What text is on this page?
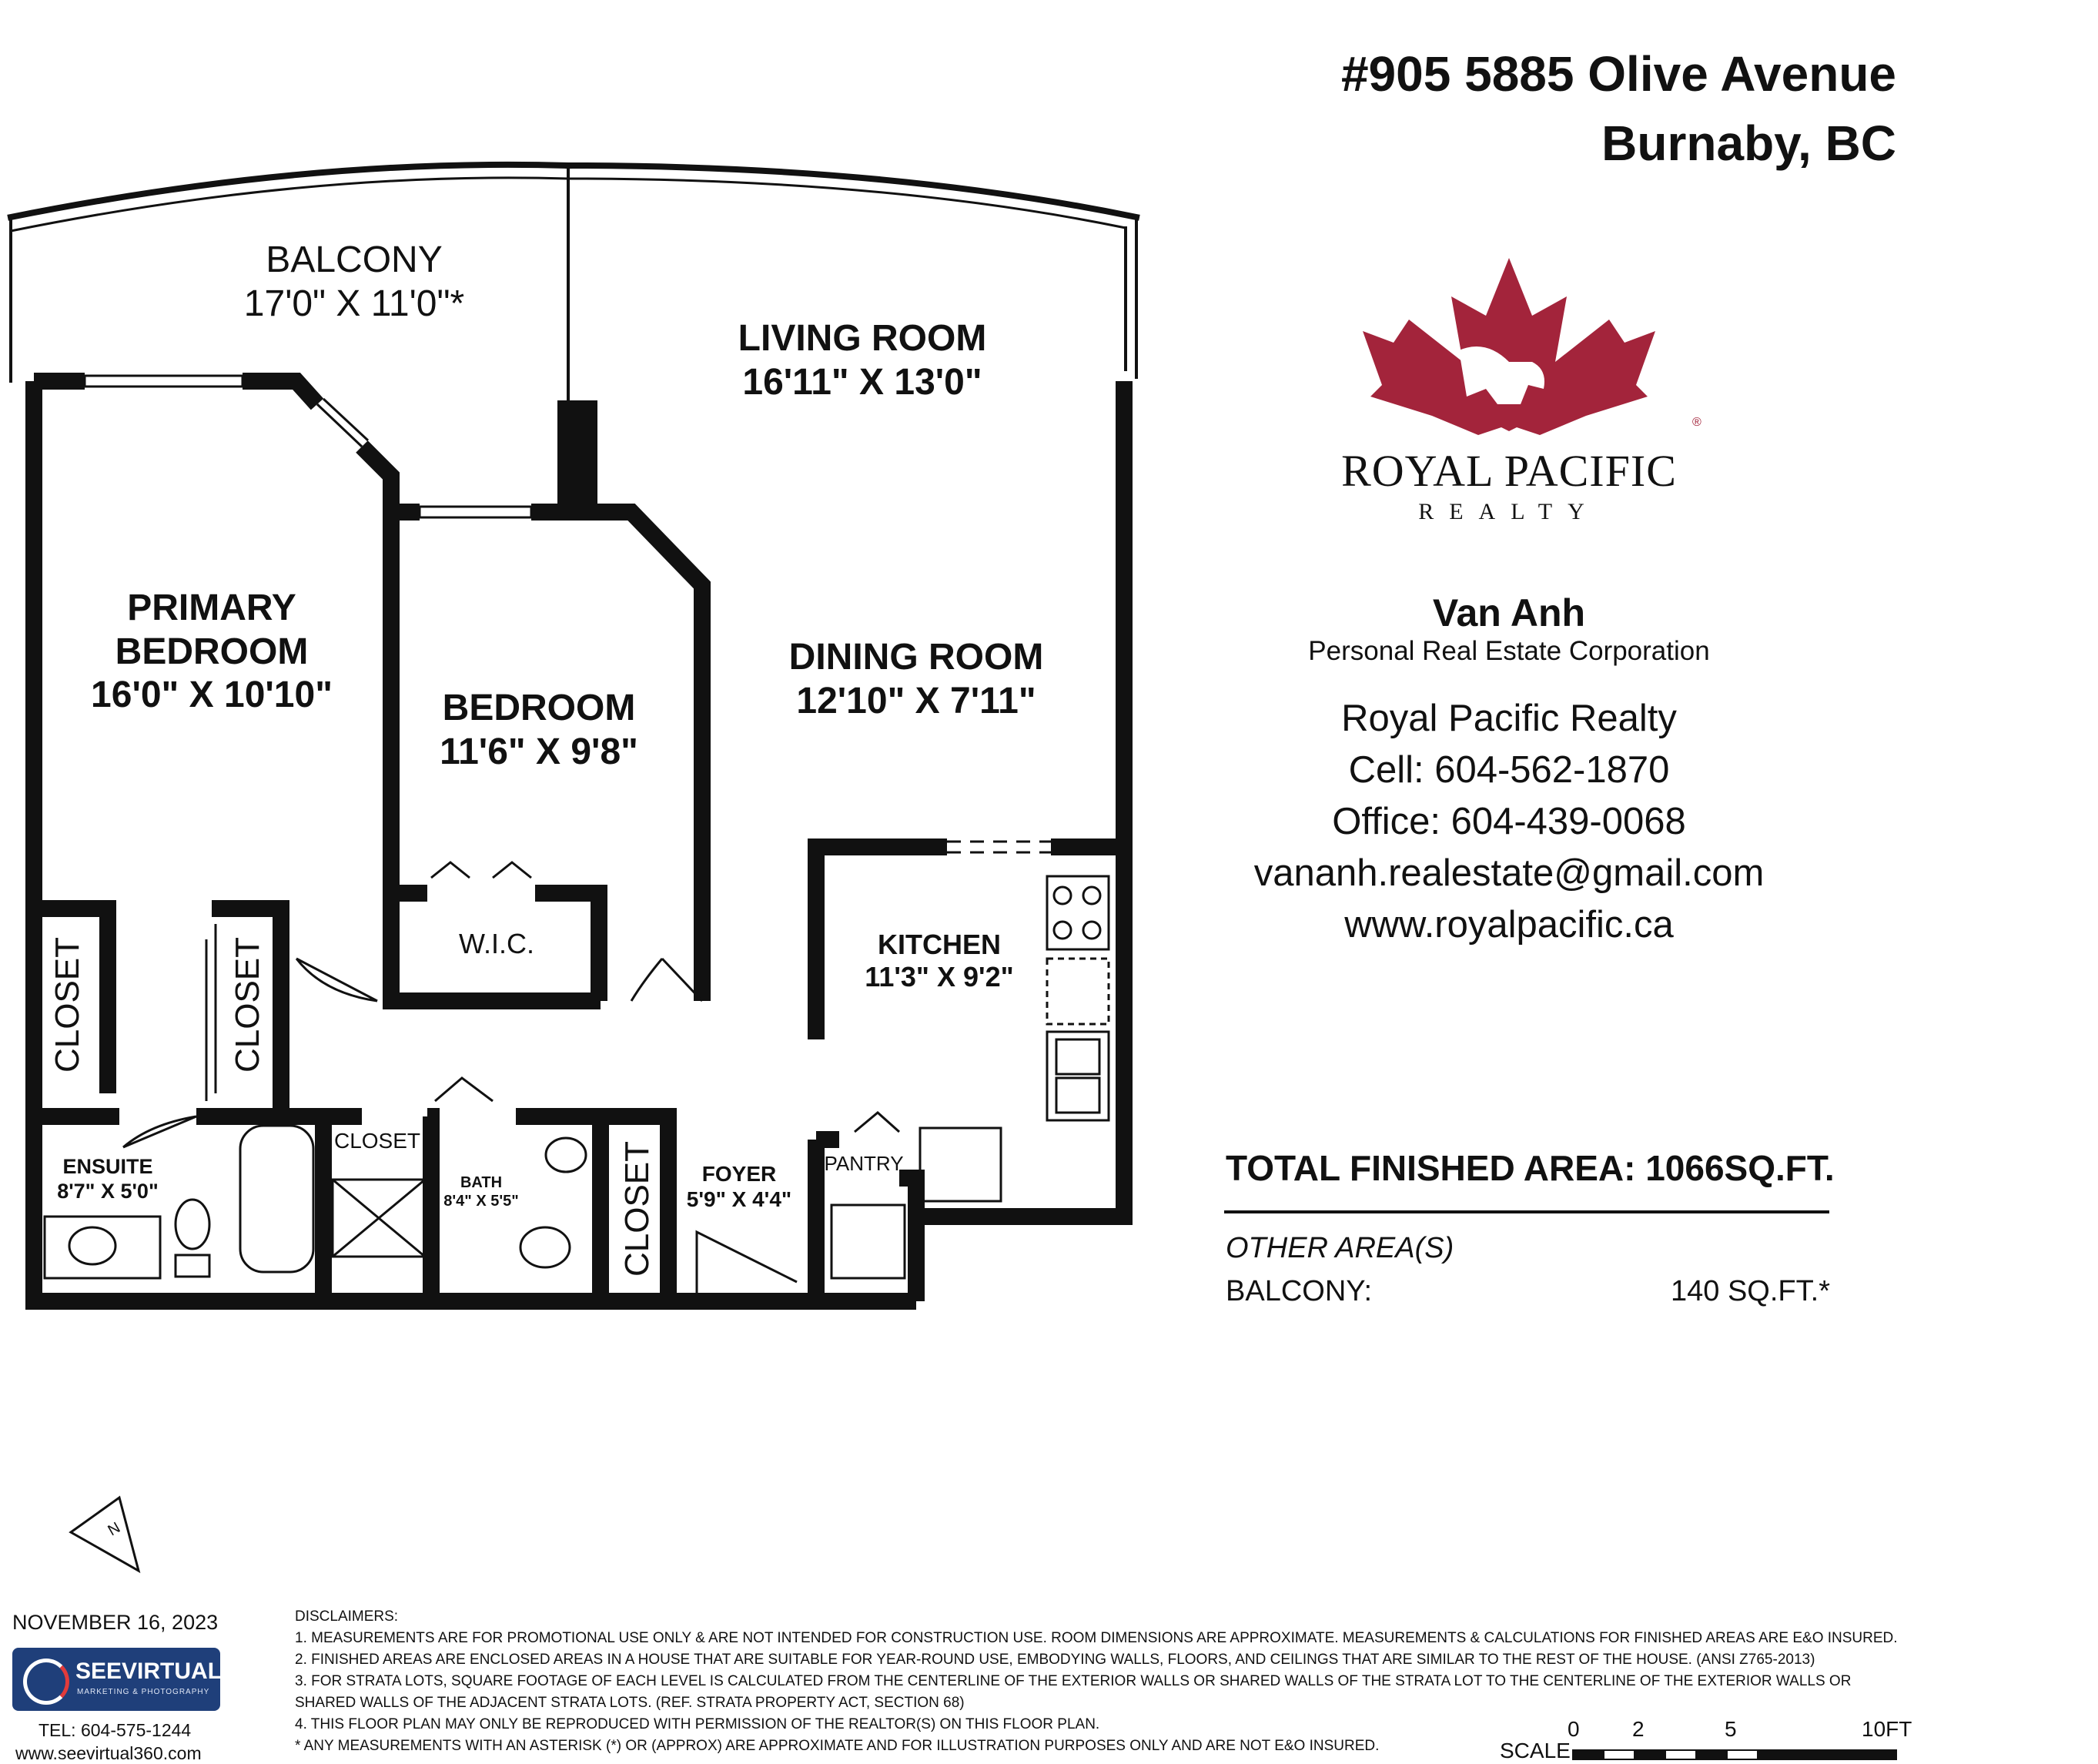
N
#905 5885 Olive Avenue
Burnaby, BC
ROYAL PACIFIC
®
REALTY
Van Anh
Personal Real Estate Corporation
Royal Pacific Realty
Cell: 604-562-1870
Office: 604-439-0068
vananh.realestate@gmail.com
www.royalpacific.ca
BALCONY
17'0" X 11'0"*
LIVING ROOM
16'11" X 13'0"
PRIMARY
BEDROOM
16'0" X 10'10"	BEDROOM
11'6" X 9'8"
DINING ROOM
12'10" X 7'11"
KITCHEN
11'3" X 9'2"
W.I.C.
CLOSET	CLOSET
CLOSET
CLOSET
ENSUITE
8'7" X 5'0"	BATH
8'4" X 5'5"
FOYER
5'9" X 4'4"
PANTRY	TOTAL FINISHED AREA: 1066SQ.FT.
OTHER AREA(S)
BALCONY:	140 SQ.FT.*
NOVEMBER 16, 2023
SEEVIRTUAL
MARKETING & PHOTOGRAPHY
TEL: 604-575-1244
www.seevirtual360.com
DISCLAIMERS:
1. MEASUREMENTS ARE FOR PROMOTIONAL USE ONLY & ARE NOT INTENDED FOR CONSTRUCTION USE. ROOM DIMENSIONS ARE APPROXIMATE. MEASUREMENTS & CALCULATIONS FOR FINISHED AREAS ARE E&O INSURED.
2. FINISHED AREAS ARE ENCLOSED AREAS IN A HOUSE THAT ARE SUITABLE FOR YEAR-ROUND USE, EMBODYING WALLS, FLOORS, AND CEILINGS THAT ARE SIMILAR TO THE REST OF THE HOUSE. (ANSI Z765-2013)
3. FOR STRATA LOTS, SQUARE FOOTAGE OF EACH LEVEL IS CALCULATED FROM THE CENTERLINE OF THE EXTERIOR WALLS OR SHARED WALLS OF THE STRATA LOT TO THE CENTERLINE OF THE EXTERIOR WALLS OR
SHARED WALLS OF THE ADJACENT STRATA LOTS. (REF. STRATA PROPERTY ACT, SECTION 68)
4. THIS FLOOR PLAN MAY ONLY BE REPRODUCED WITH PERMISSION OF THE REALTOR(S) ON THIS FLOOR PLAN.
* ANY MEASUREMENTS WITH AN ASTERISK (*) OR (APPROX) ARE APPROXIMATE AND FOR ILLUSTRATION PURPOSES ONLY AND ARE NOT E&O INSURED.	SCALE
0 2	5	10FT
